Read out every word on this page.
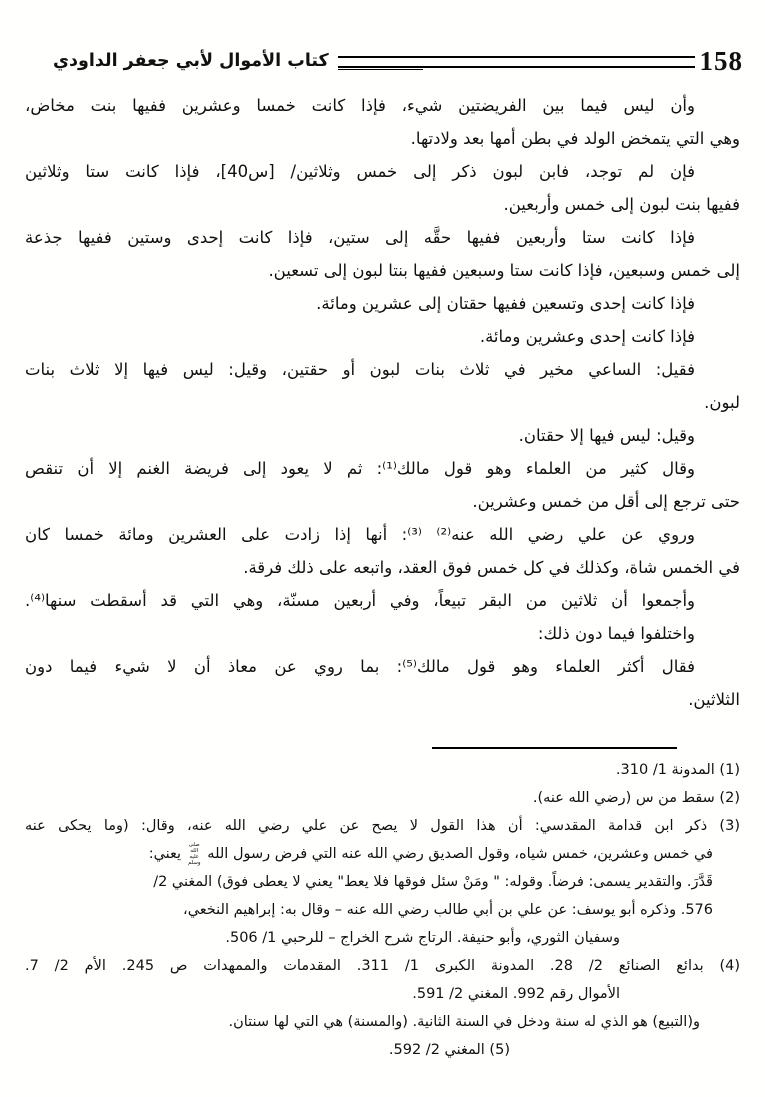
158
كتاب الأموال لأبي جعفر الداودي
وأن ليس فيما بين الفريضتين شيء، فإذا كانت خمسا وعشرين ففيها بنت مخاض،
وهي التي يتمخض الولد في بطن أمها بعد ولادتها.
فإن لم توجد، فابن لبون ذكر إلى خمس وثلاثين/ [س40]، فإذا كانت ستا وثلاثين
ففيها بنت لبون إلى خمس وأربعين.
فإذا كانت ستا وأربعين ففيها حقَّه إلى ستين، فإذا كانت إحدى وستين ففيها جذعة
إلى خمس وسبعين، فإذا كانت ستا وسبعين ففيها بنتا لبون إلى تسعين.
فإذا كانت إحدى وتسعين ففيها حقتان إلى عشرين ومائة.
فإذا كانت إحدى وعشرين ومائة.
فقيل: الساعي مخير في ثلاث بنات لبون أو حقتين، وقيل: ليس فيها إلا ثلاث بنات
لبون.
وقيل: ليس فيها إلا حقتان.
وقال كثير من العلماء وهو قول مالك⁽¹⁾: ثم لا يعود إلى فريضة الغنم إلا أن تنقص
حتى ترجع إلى أقل من خمس وعشرين.
وروي عن علي رضي الله عنه⁽²⁾ ⁽³⁾: أنها إذا زادت على العشرين ومائة خمسا كان
في الخمس شاة، وكذلك في كل خمس فوق العقد، واتبعه على ذلك فرقة.
وأجمعوا أن ثلاثين من البقر تبيعاً، وفي أربعين مسنّة، وهي التي قد أسقطت سنها⁽⁴⁾.
واختلفوا فيما دون ذلك:
فقال أكثر العلماء وهو قول مالك⁽⁵⁾: بما روي عن معاذ أن لا شيء فيما دون
الثلاثين.
(1) المدونة 1/ 310.
(2) سقط من س (رضي الله عنه).
(3) ذكر ابن قدامة المقدسي: أن هذا القول لا يصح عن علي رضي الله عنه، وقال: (وما يحكى عنه
في خمس وعشرين، خمس شياه، وقول الصديق رضي الله عنه التي فرض رسول الله صلى الله عليه وسلم يعني:
قَدَّرَ. والتقدير يسمى: فرضاً. وقوله: " ومَنْ سئل فوقها فلا يعط" يعني لا يعطى فوق) المغني 2/
576. وذكره أبو يوسف: عن علي بن أبي طالب رضي الله عنه – وقال به: إبراهيم النخعي،
وسفيان الثوري، وأبو حنيفة. الرتاج شرح الخراج – للرحبي 1/ 506.
(4) بدائع الصنائع 2/ 28. المدونة الكبرى 1/ 311. المقدمات والممهدات ص 245. الأم 2/ 7.
الأموال رقم 992. المغني 2/ 591.
و(التبيع) هو الذي له سنة ودخل في السنة الثانية. (والمسنة) هي التي لها سنتان.
(5) المغني 2/ 592.
